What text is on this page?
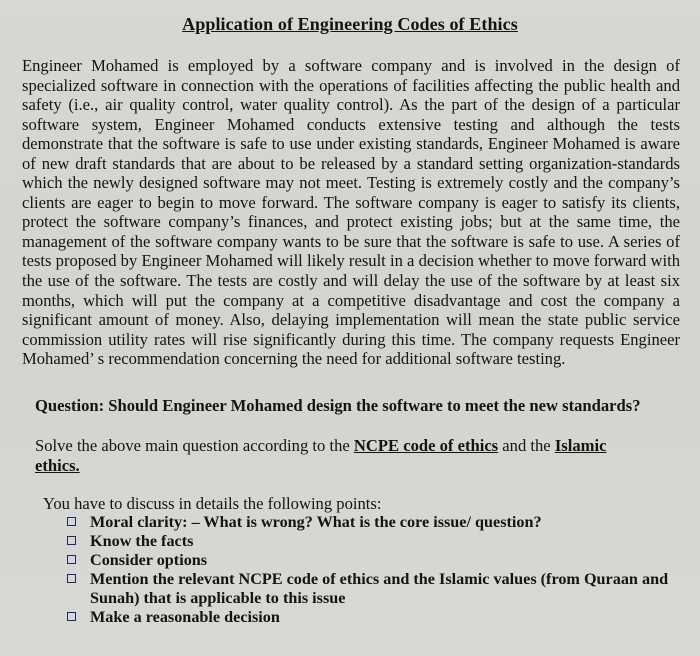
Application of Engineering Codes of Ethics

Engineer Mohamed is employed by a software company and is involved in the design of specialized software in connection with the operations of facilities affecting the public health and safety (i.e., air quality control, water quality control). As the part of the design of a particular software system, Engineer Mohamed conducts extensive testing and although the tests demonstrate that the software is safe to use under existing standards, Engineer Mohamed is aware of new draft standards that are about to be released by a standard setting organization-standards which the newly designed software may not meet. Testing is extremely costly and the company’s clients are eager to begin to move forward. The software company is eager to satisfy its clients, protect the software company’s finances, and protect existing jobs; but at the same time, the management of the software company wants to be sure that the software is safe to use. A series of tests proposed by Engineer Mohamed will likely result in a decision whether to move forward with the use of the software. The tests are costly and will delay the use of the software by at least six months, which will put the company at a competitive disadvantage and cost the company a significant amount of money. Also, delaying implementation will mean the state public service commission utility rates will rise significantly during this time. The company requests Engineer Mohamed’ s recommendation concerning the need for additional software testing.

Question: Should Engineer Mohamed design the software to meet the new standards?

Solve the above main question according to the NCPE code of ethics and the Islamic ethics.

You have to discuss in details the following points:

Moral clarity: – What is wrong? What is the core issue/ question?
Know the facts
Consider options
Mention the relevant NCPE code of ethics and the Islamic values (from Quraan and Sunah) that is applicable to this issue
Make a reasonable decision
